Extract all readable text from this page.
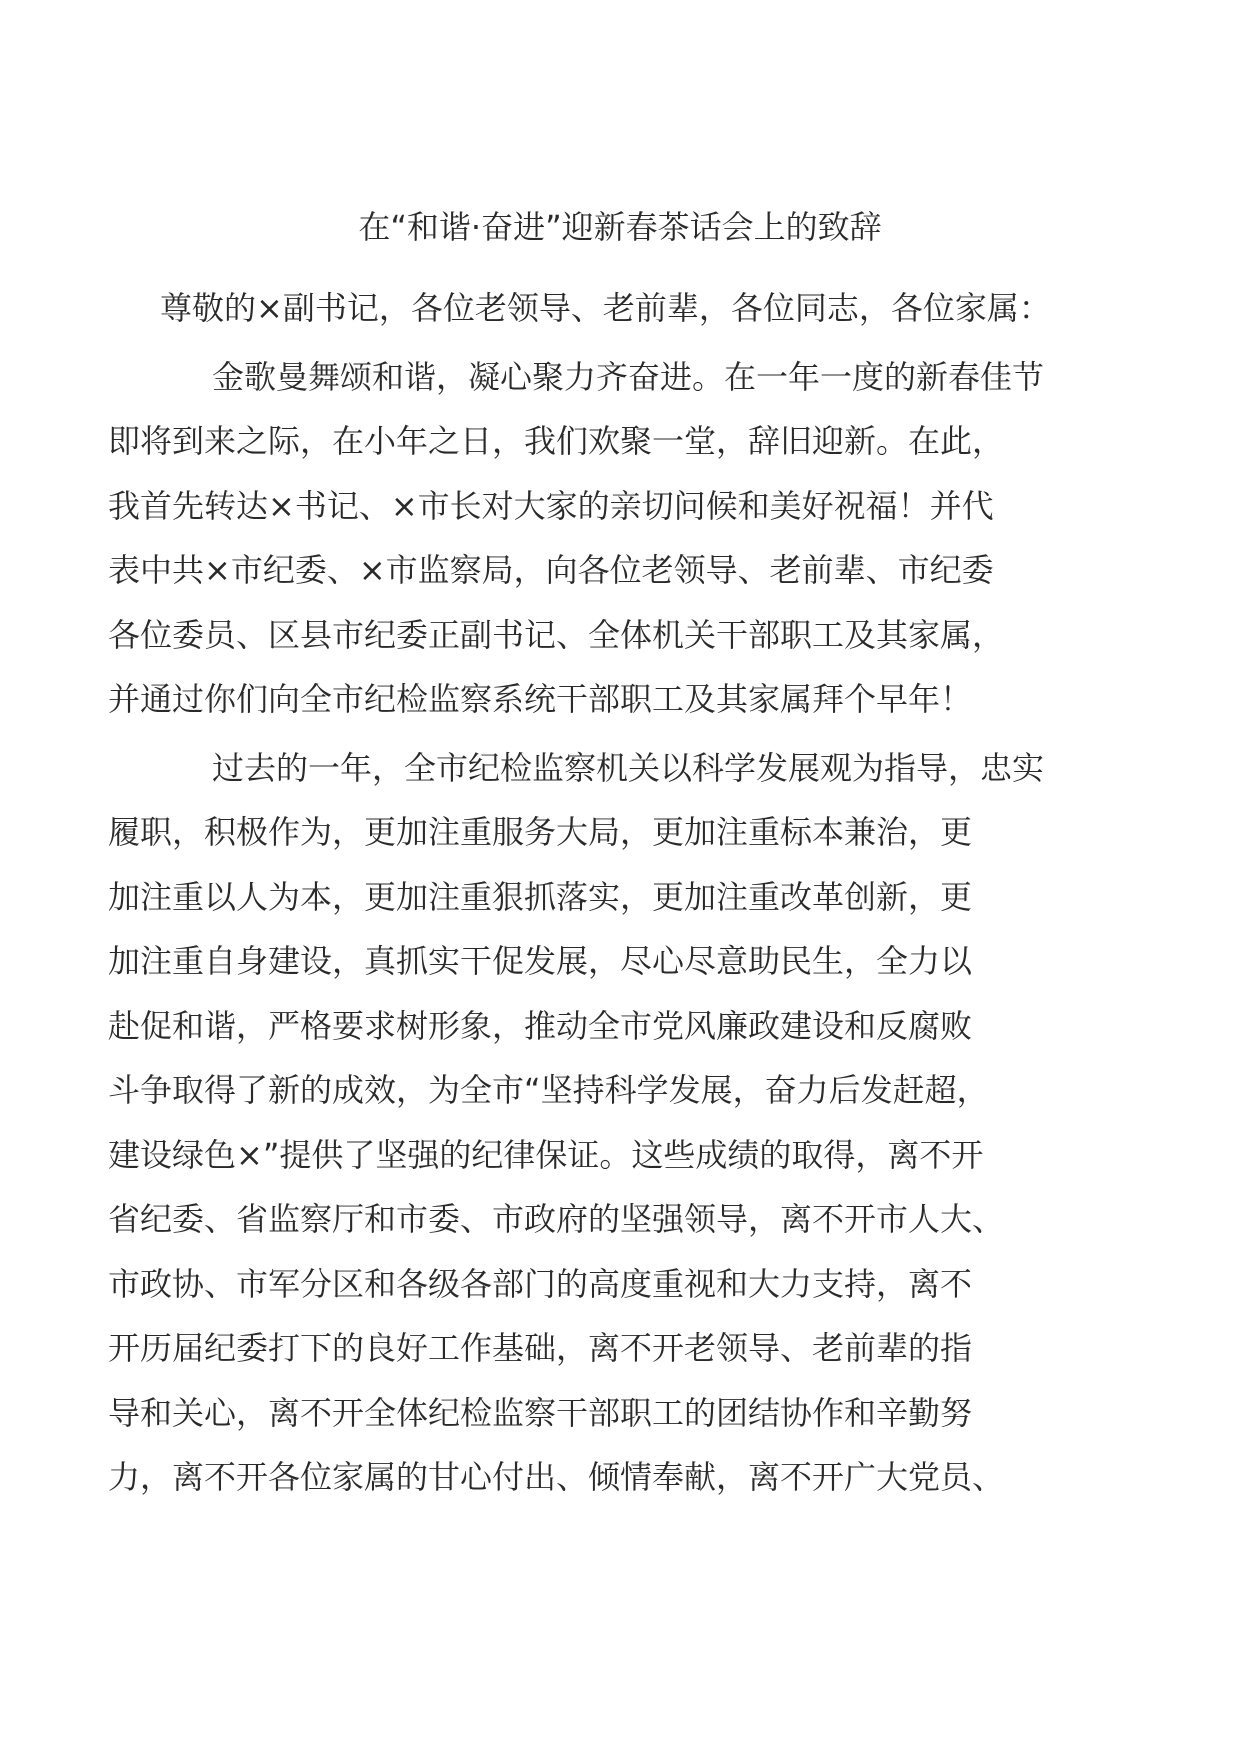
在“和谐·奋进”迎新春茶话会上的致辞

尊敬的×副书记，各位老领导、老前辈，各位同志，各位家属：

金歌曼舞颂和谐，凝心聚力齐奋进。在一年一度的新春佳节
即将到来之际，在小年之日，我们欢聚一堂，辞旧迎新。在此，
我首先转达×书记、×市长对大家的亲切问候和美好祝福！并代
表中共×市纪委、×市监察局，向各位老领导、老前辈、市纪委
各位委员、区县市纪委正副书记、全体机关干部职工及其家属，
并通过你们向全市纪检监察系统干部职工及其家属拜个早年！
过去的一年，全市纪检监察机关以科学发展观为指导，忠实
履职，积极作为，更加注重服务大局，更加注重标本兼治，更
加注重以人为本，更加注重狠抓落实，更加注重改革创新，更
加注重自身建设，真抓实干促发展，尽心尽意助民生，全力以
赴促和谐，严格要求树形象，推动全市党风廉政建设和反腐败
斗争取得了新的成效，为全市“坚持科学发展，奋力后发赶超，
建设绿色×”提供了坚强的纪律保证。这些成绩的取得，离不开
省纪委、省监察厅和市委、市政府的坚强领导，离不开市人大、
市政协、市军分区和各级各部门的高度重视和大力支持，离不
开历届纪委打下的良好工作基础，离不开老领导、老前辈的指
导和关心，离不开全体纪检监察干部职工的团结协作和辛勤努
力，离不开各位家属的甘心付出、倾情奉献，离不开广大党员、
